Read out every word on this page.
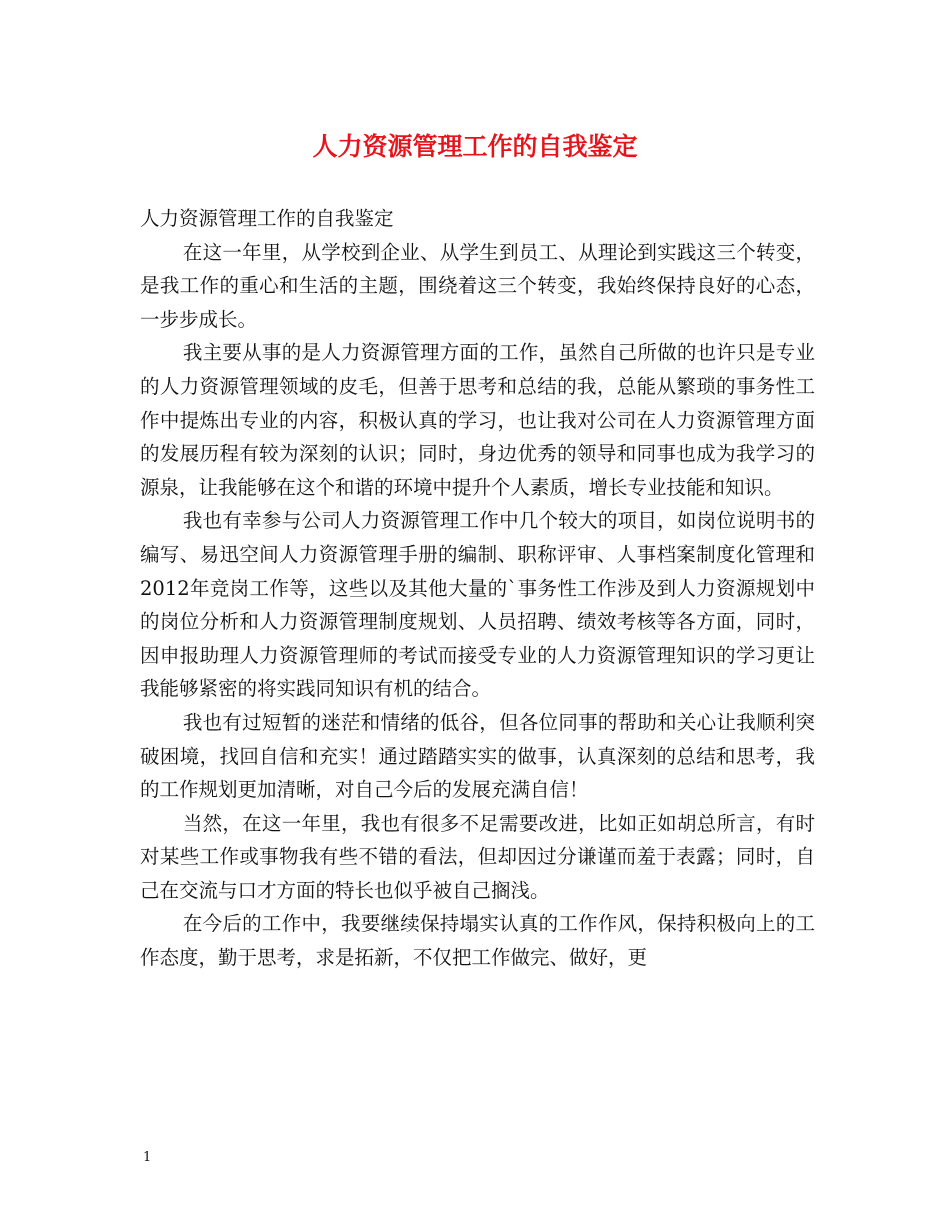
人力资源管理工作的自我鉴定

人力资源管理工作的自我鉴定

在这一年里，从学校到企业、从学生到员工、从理论到实践这三个转变，是我工作的重心和生活的主题，围绕着这三个转变，我始终保持良好的心态，一步步成长。

我主要从事的是人力资源管理方面的工作，虽然自己所做的也许只是专业的人力资源管理领域的皮毛，但善于思考和总结的我，总能从繁琐的事务性工作中提炼出专业的内容，积极认真的学习，也让我对公司在人力资源管理方面的发展历程有较为深刻的认识；同时，身边优秀的领导和同事也成为我学习的源泉，让我能够在这个和谐的环境中提升个人素质，增长专业技能和知识。

我也有幸参与公司人力资源管理工作中几个较大的项目，如岗位说明书的编写、易迅空间人力资源管理手册的编制、职称评审、人事档案制度化管理和2012年竞岗工作等，这些以及其他大量的`事务性工作涉及到人力资源规划中的岗位分析和人力资源管理制度规划、人员招聘、绩效考核等各方面，同时，因申报助理人力资源管理师的考试而接受专业的人力资源管理知识的学习更让我能够紧密的将实践同知识有机的结合。

我也有过短暂的迷茫和情绪的低谷，但各位同事的帮助和关心让我顺利突破困境，找回自信和充实！通过踏踏实实的做事，认真深刻的总结和思考，我的工作规划更加清晰，对自己今后的发展充满自信！

当然，在这一年里，我也有很多不足需要改进，比如正如胡总所言，有时对某些工作或事物我有些不错的看法，但却因过分谦谨而羞于表露；同时，自己在交流与口才方面的特长也似乎被自己搁浅。

在今后的工作中，我要继续保持塌实认真的工作作风，保持积极向上的工作态度，勤于思考，求是拓新，不仅把工作做完、做好，更

1
